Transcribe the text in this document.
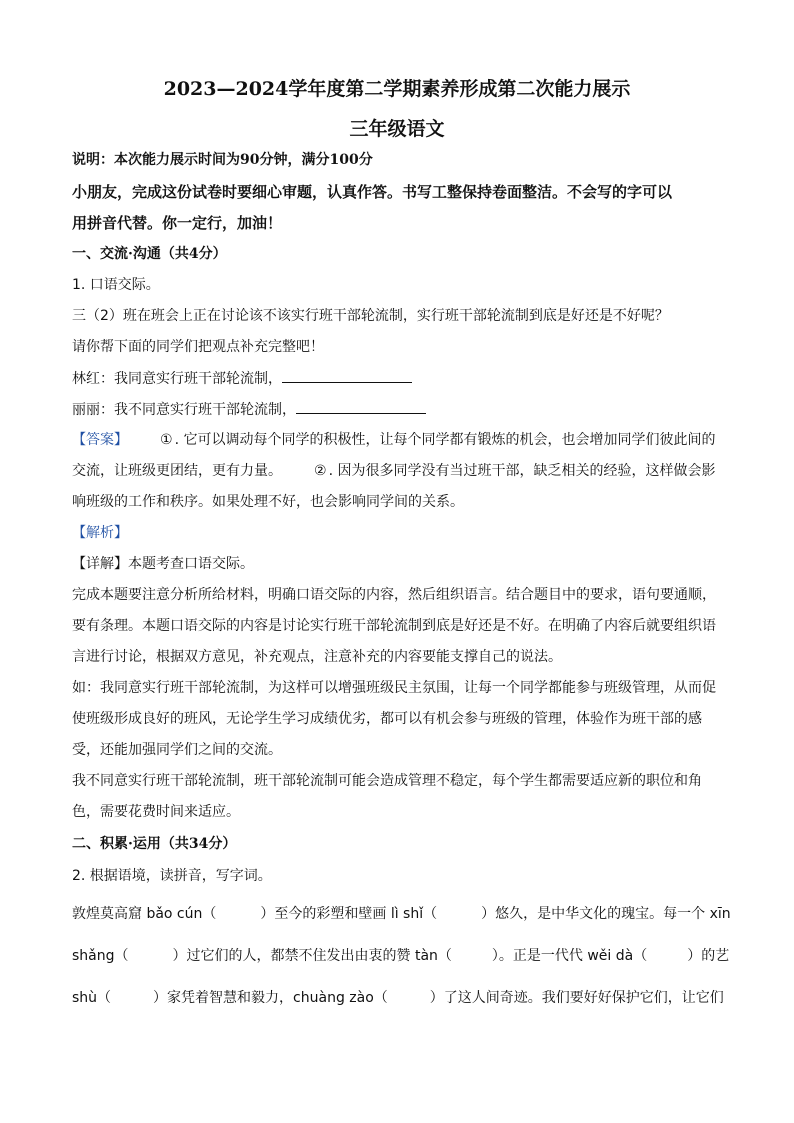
2023—2024学年度第二学期素养形成第二次能力展示
三年级语文
说明：本次能力展示时间为90分钟，满分100分
小朋友，完成这份试卷时要细心审题，认真作答。书写工整保持卷面整洁。不会写的字可以
用拼音代替。你一定行，加油！
一、交流·沟通（共4分）
1. 口语交际。
三（2）班在班会上正在讨论该不该实行班干部轮流制，实行班干部轮流制到底是好还是不好呢？
请你帮下面的同学们把观点补充完整吧！
林红：我同意实行班干部轮流制，
丽丽：我不同意实行班干部轮流制，
【答案】 ① . 它可以调动每个同学的积极性，让每个同学都有锻炼的机会，也会增加同学们彼此间的
交流，让班级更团结，更有力量。 ② . 因为很多同学没有当过班干部，缺乏相关的经验，这样做会影
响班级的工作和秩序。如果处理不好，也会影响同学间的关系。
【解析】
【详解】本题考查口语交际。
完成本题要注意分析所给材料，明确口语交际的内容，然后组织语言。结合题目中的要求，语句要通顺，
要有条理。本题口语交际的内容是讨论实行班干部轮流制到底是好还是不好。在明确了内容后就要组织语
言进行讨论，根据双方意见，补充观点，注意补充的内容要能支撑自己的说法。
如：我同意实行班干部轮流制，为这样可以增强班级民主氛围，让每一个同学都能参与班级管理，从而促
使班级形成良好的班风，无论学生学习成绩优劣，都可以有机会参与班级的管理，体验作为班干部的感
受，还能加强同学们之间的交流。
我不同意实行班干部轮流制，班干部轮流制可能会造成管理不稳定，每个学生都需要适应新的职位和角
色，需要花费时间来适应。
二、积累·运用（共34分）
2. 根据语境，读拼音，写字词。
敦煌莫高窟 bǎo cún（	）至今的彩塑和壁画 lì shǐ（	）悠久，是中华文化的瑰宝。每一个 xīn
shǎng（	）过它们的人，都禁不住发出由衷的赞 tàn（	）。正是一代代 wěi dà（	）的艺
shù（	）家凭着智慧和毅力，chuàng zào（	）了这人间奇迹。我们要好好保护它们，让它们
